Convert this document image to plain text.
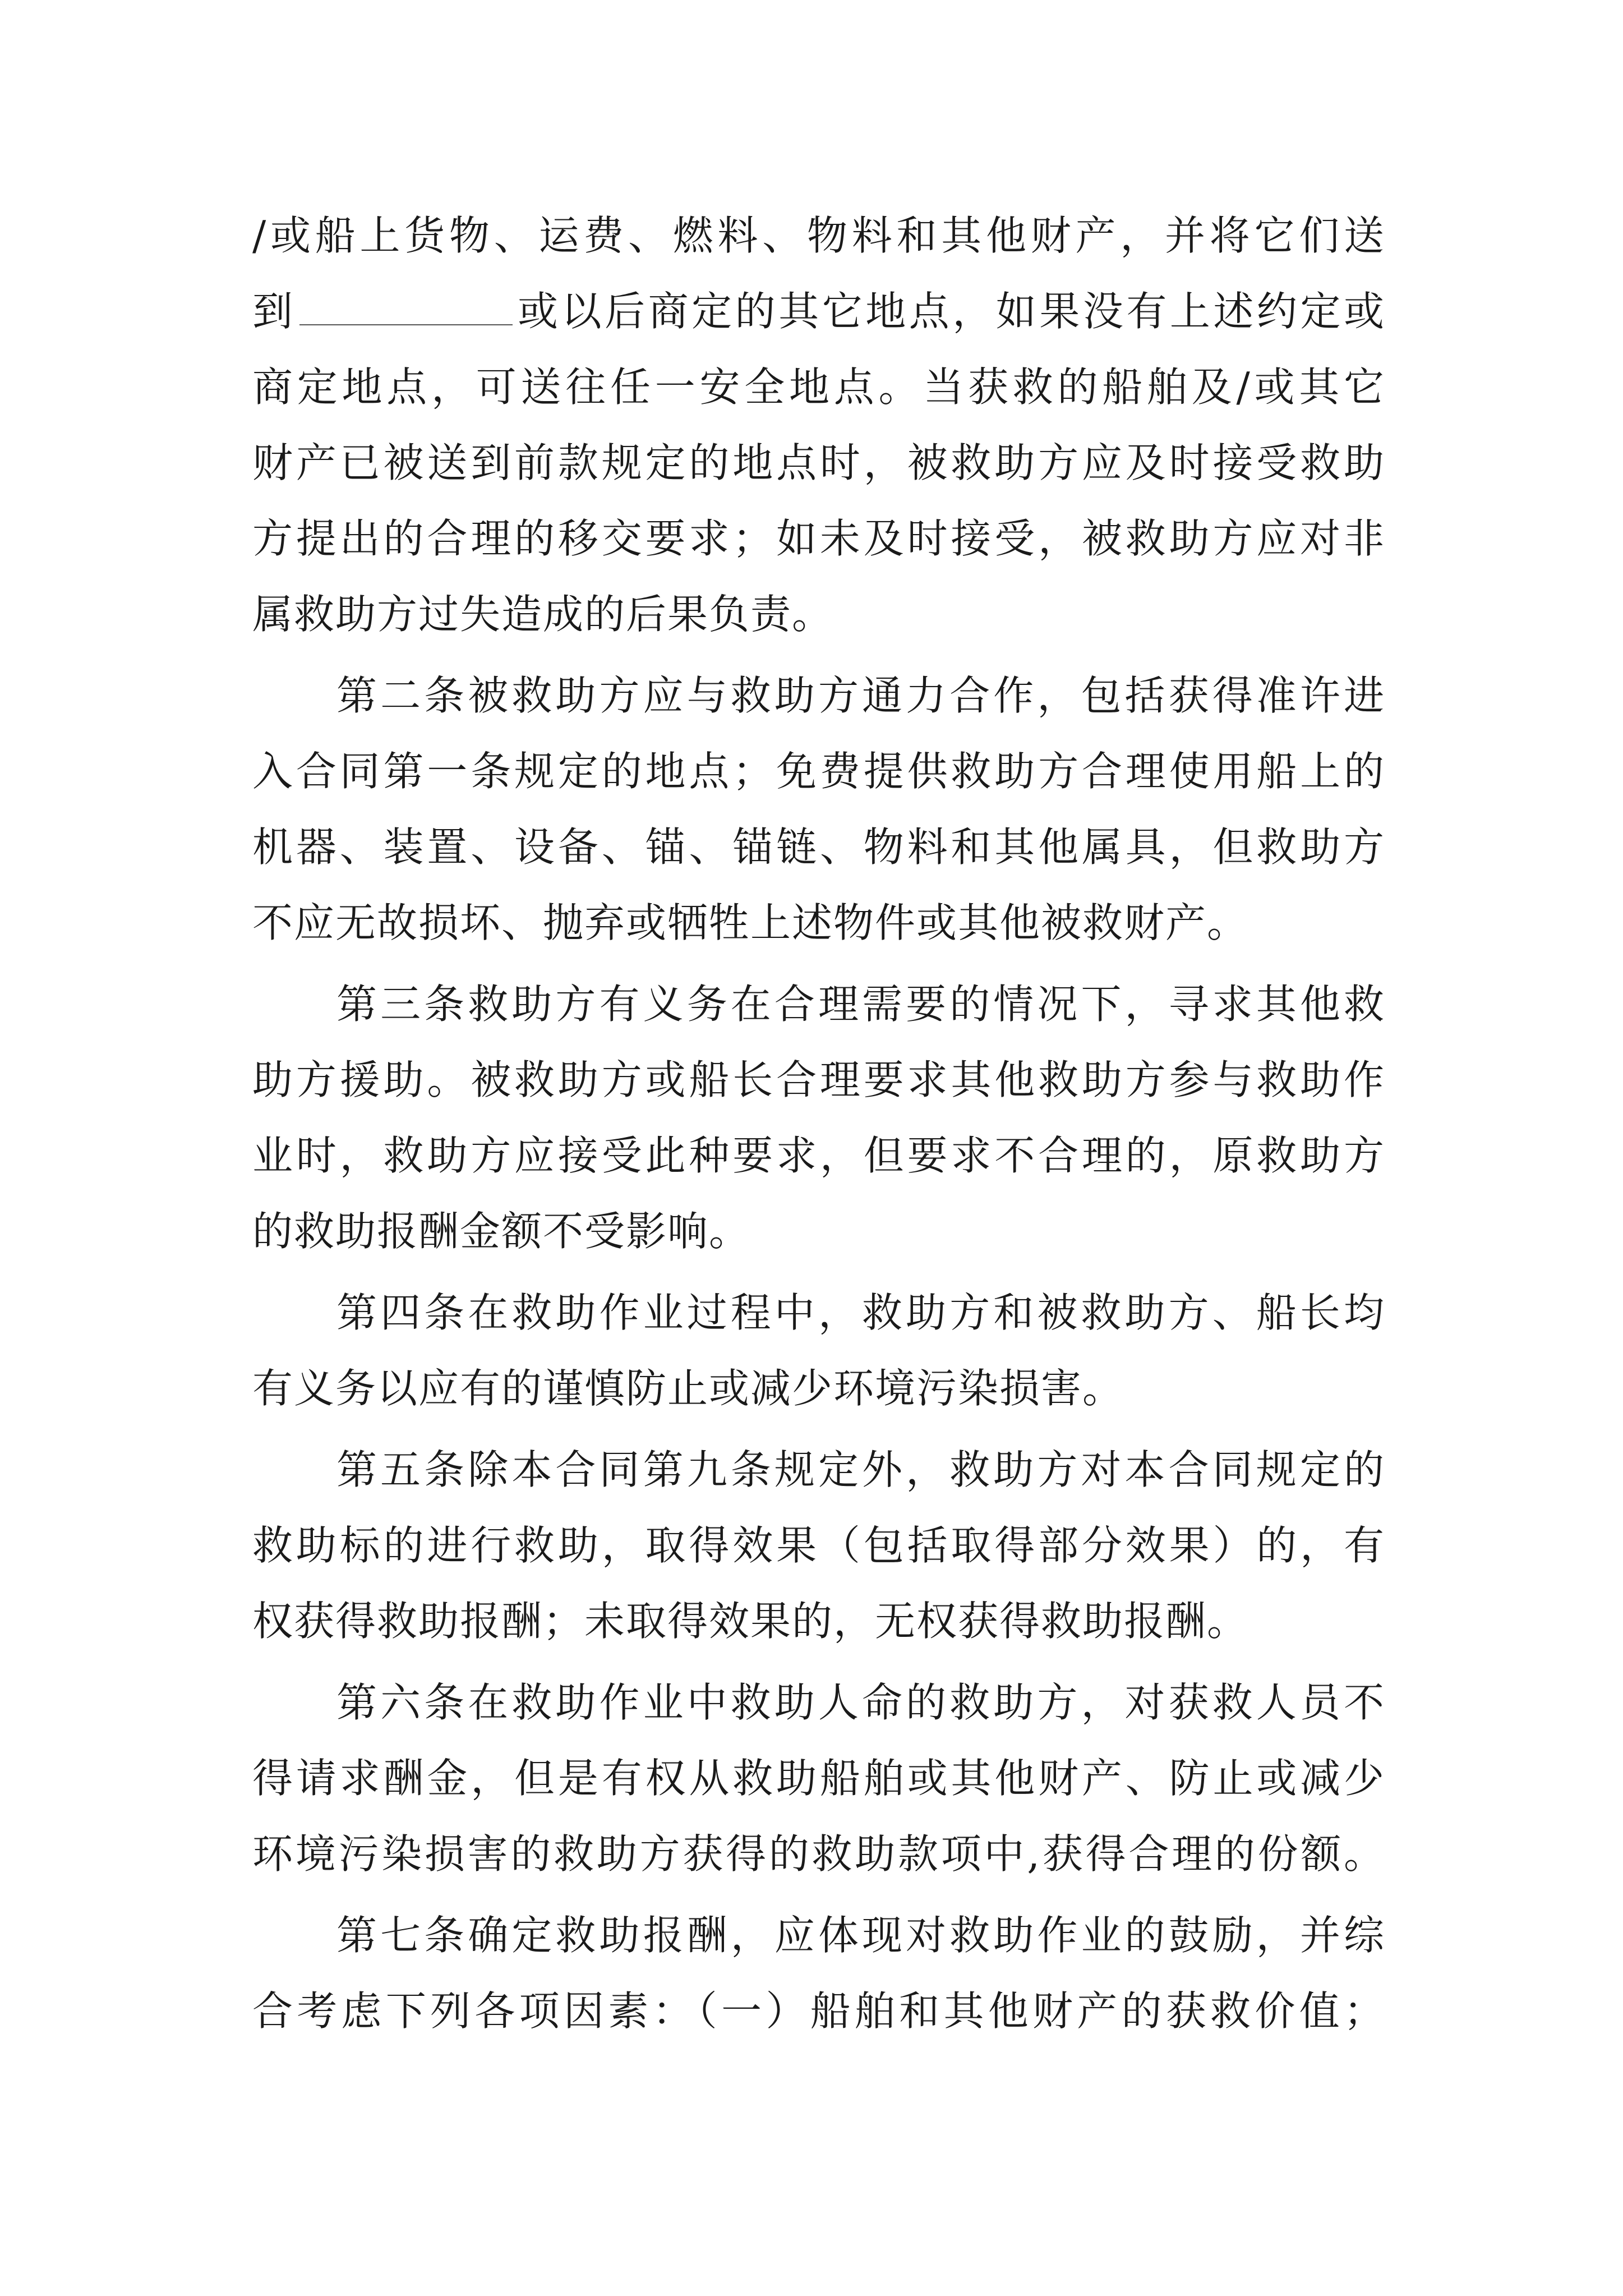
/或船上货物、运费、燃料、物料和其他财产，并将它们送
到	或以后商定的其它地点，如果没有上述约定或
商定地点，可送往任一安全地点。当获救的船舶及/或其它
财产已被送到前款规定的地点时，被救助方应及时接受救助
方提出的合理的移交要求；如未及时接受，被救助方应对非
属救助方过失造成的后果负责。
第二条被救助方应与救助方通力合作，包括获得准许进
入合同第一条规定的地点；免费提供救助方合理使用船上的
机器、装置、设备、锚、锚链、物料和其他属具，但救助方
不应无故损坏、抛弃或牺牲上述物件或其他被救财产。
第三条救助方有义务在合理需要的情况下，寻求其他救
助方援助。被救助方或船长合理要求其他救助方参与救助作
业时，救助方应接受此种要求，但要求不合理的，原救助方
的救助报酬金额不受影响。
第四条在救助作业过程中，救助方和被救助方、船长均
有义务以应有的谨慎防止或减少环境污染损害。
第五条除本合同第九条规定外，救助方对本合同规定的
救助标的进行救助，取得效果（包括取得部分效果）的，有
权获得救助报酬；未取得效果的，无权获得救助报酬。
第六条在救助作业中救助人命的救助方，对获救人员不
得请求酬金，但是有权从救助船舶或其他财产、防止或减少
环境污染损害的救助方获得的救助款项中,获得合理的份额。
第七条确定救助报酬，应体现对救助作业的鼓励，并综
合考虑下列各项因素：（一）船舶和其他财产的获救价值；
